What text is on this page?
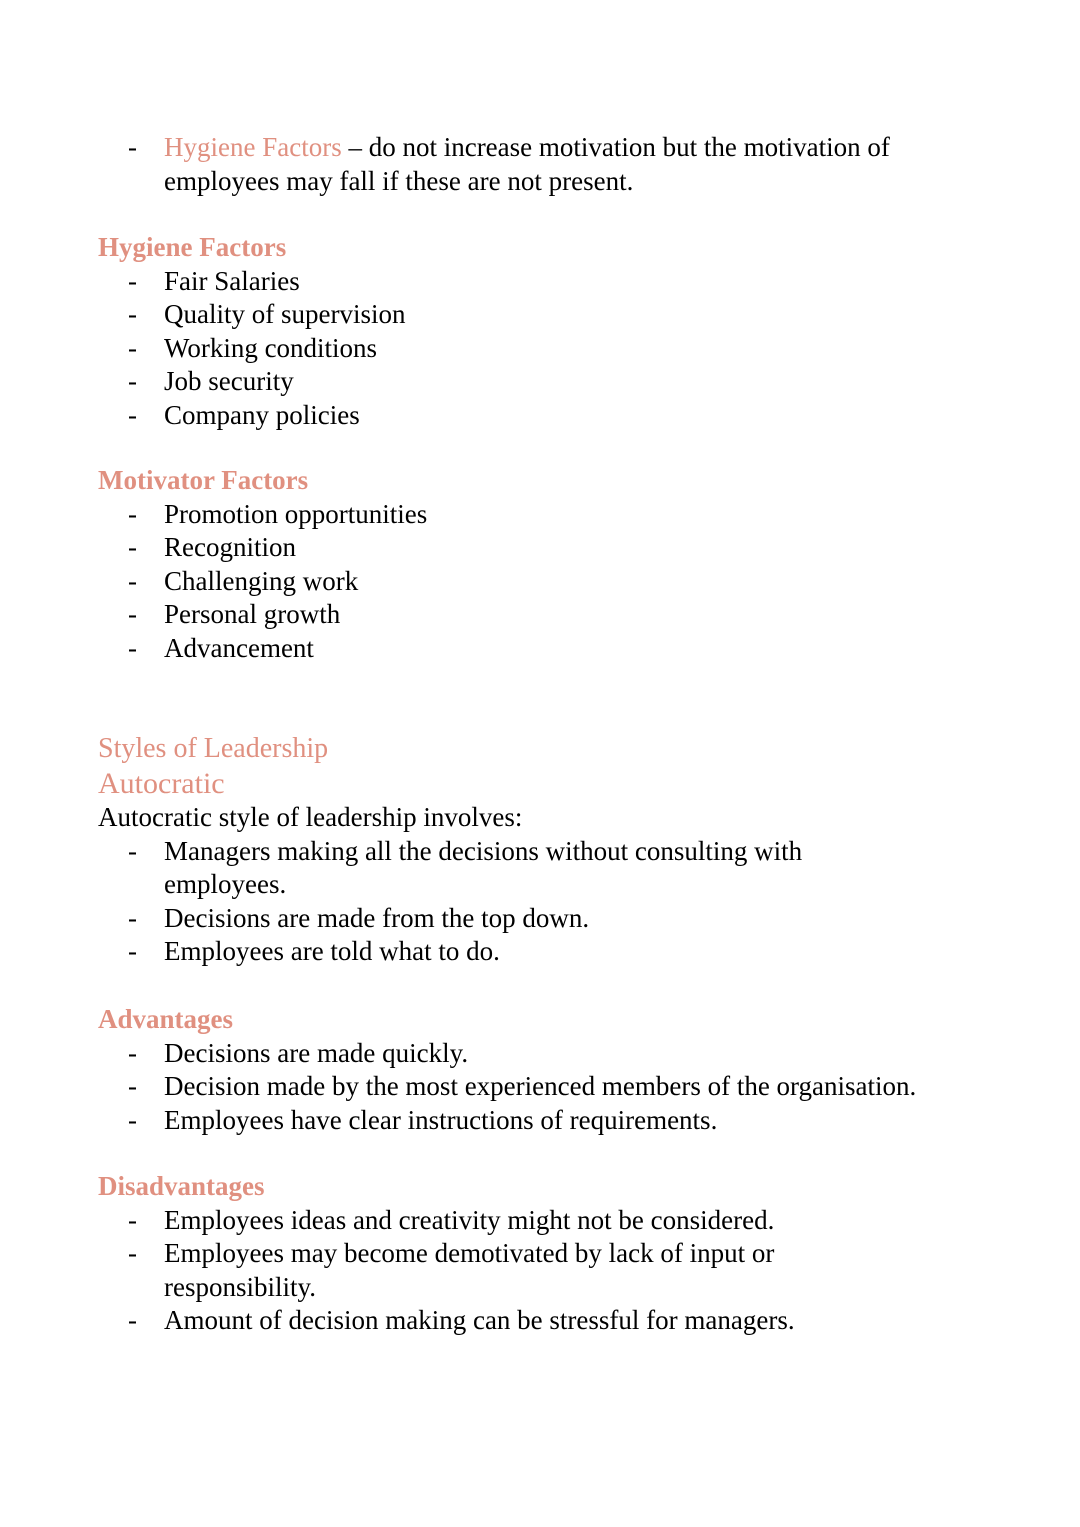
- Hygiene Factors – do not increase motivation but the motivation of employees may fall if these are not present.
Hygiene Factors
- Fair Salaries
- Quality of supervision
- Working conditions
- Job security
- Company policies
Motivator Factors
- Promotion opportunities
- Recognition
- Challenging work
- Personal growth
- Advancement
Styles of Leadership
Autocratic

Autocratic style of leadership involves:

- Managers making all the decisions without consulting with employees.
- Decisions are made from the top down.
- Employees are told what to do.
Advantages
- Decisions are made quickly.
- Decision made by the most experienced members of the organisation.
- Employees have clear instructions of requirements.
Disadvantages
- Employees ideas and creativity might not be considered.
- Employees may become demotivated by lack of input or responsibility.
- Amount of decision making can be stressful for managers.
